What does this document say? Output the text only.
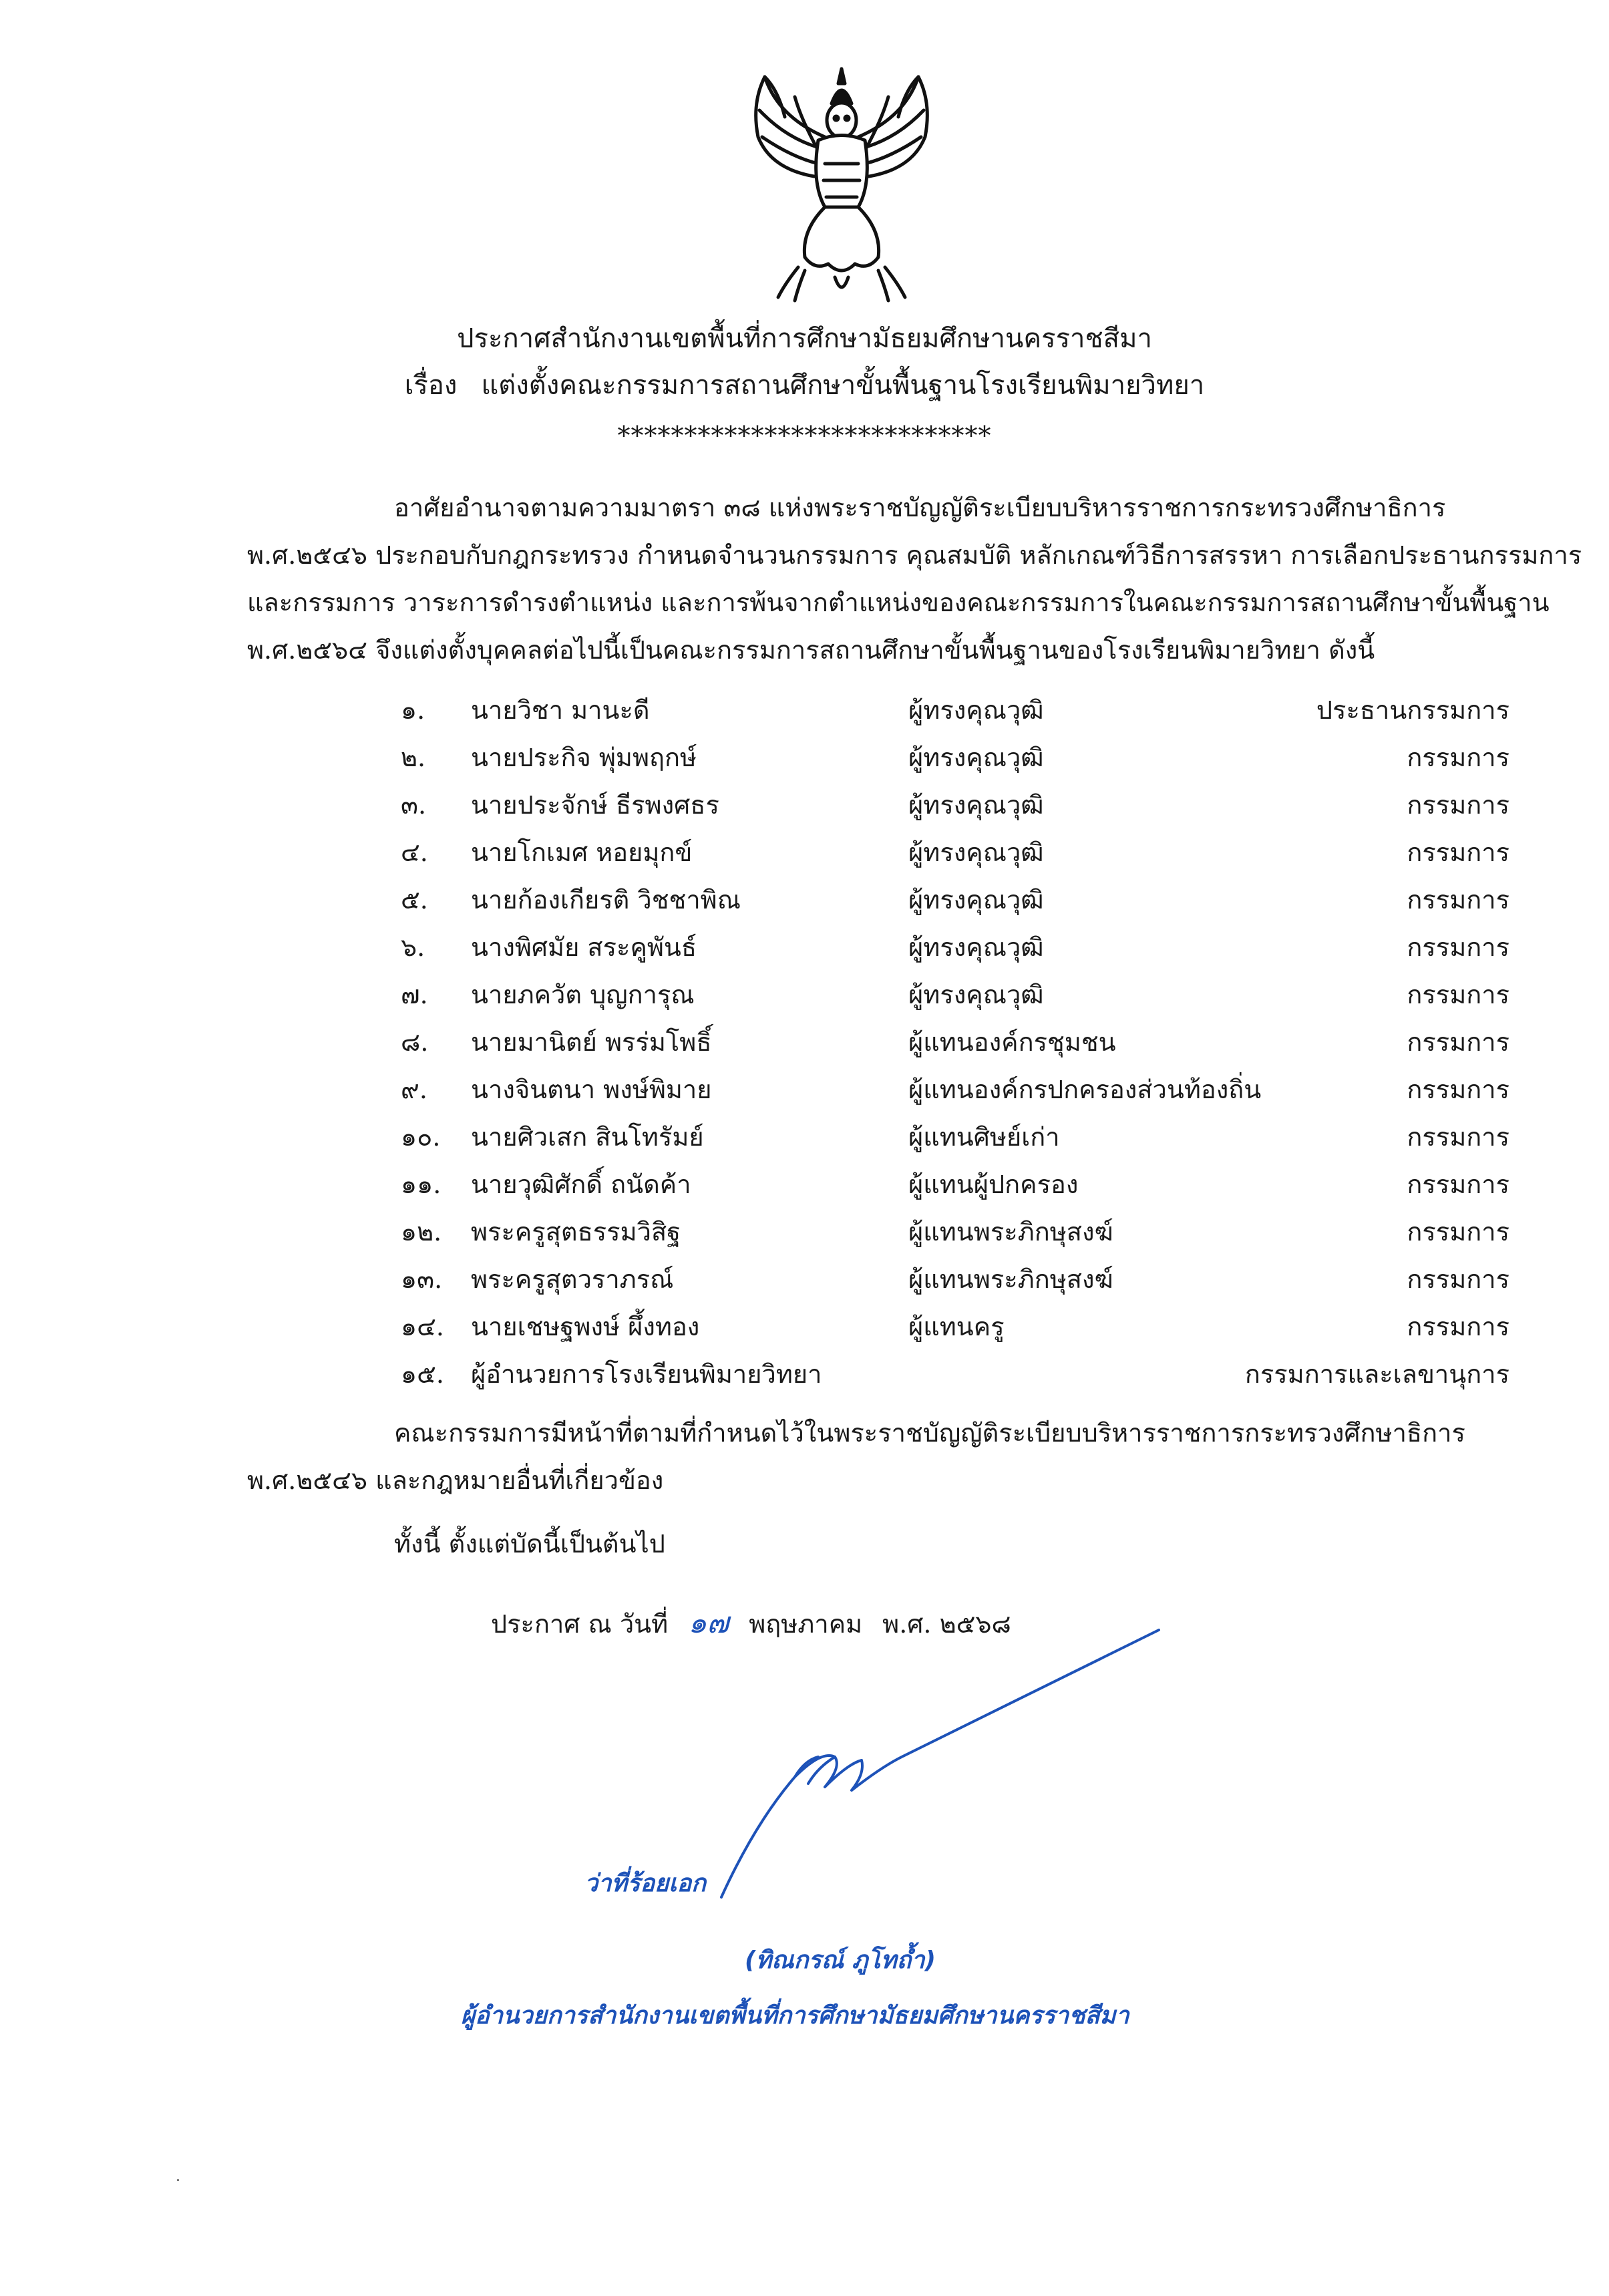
ประกาศสำนักงานเขตพื้นที่การศึกษามัธยมศึกษานครราชสีมา
เรื่อง แต่งตั้งคณะกรรมการสถานศึกษาขั้นพื้นฐานโรงเรียนพิมายวิทยา
****************************

อาศัยอำนาจตามความมาตรา ๓๘ แห่งพระราชบัญญัติระเบียบบริหารราชการกระทรวงศึกษาธิการ

พ.ศ.๒๕๔๖ ประกอบกับกฎกระทรวง กำหนดจำนวนกรรมการ คุณสมบัติ หลักเกณฑ์วิธีการสรรหา การเลือกประธานกรรมการ

และกรรมการ วาระการดำรงตำแหน่ง และการพ้นจากตำแหน่งของคณะกรรมการในคณะกรรมการสถานศึกษาขั้นพื้นฐาน

พ.ศ.๒๕๖๔ จึงแต่งตั้งบุคคลต่อไปนี้เป็นคณะกรรมการสถานศึกษาขั้นพื้นฐานของโรงเรียนพิมายวิทยา ดังนี้

๑. นายวิชา มานะดี	ผู้ทรงคุณวุฒิ	ประธานกรรมการ
๒. นายประกิจ พุ่มพฤกษ์	ผู้ทรงคุณวุฒิ	กรรมการ
๓. นายประจักษ์ ธีรพงศธร	ผู้ทรงคุณวุฒิ	กรรมการ
๔. นายโกเมศ หอยมุกข์	ผู้ทรงคุณวุฒิ	กรรมการ
๕. นายก้องเกียรติ วิชชาพิณ	ผู้ทรงคุณวุฒิ	กรรมการ
๖. นางพิศมัย สระคูพันธ์	ผู้ทรงคุณวุฒิ	กรรมการ
๗. นายภควัต บุญการุณ	ผู้ทรงคุณวุฒิ	กรรมการ
๘. นายมานิตย์ พรร่มโพธิ์	ผู้แทนองค์กรชุมชน	กรรมการ
๙. นางจินตนา พงษ์พิมาย	ผู้แทนองค์กรปกครองส่วนท้องถิ่น	กรรมการ
๑๐. นายศิวเสก สินโทรัมย์	ผู้แทนศิษย์เก่า	กรรมการ
๑๑. นายวุฒิศักดิ์ ถนัดค้า	ผู้แทนผู้ปกครอง	กรรมการ
๑๒. พระครูสุตธรรมวิสิฐ	ผู้แทนพระภิกษุสงฆ์	กรรมการ
๑๓. พระครูสุตวราภรณ์	ผู้แทนพระภิกษุสงฆ์	กรรมการ
๑๔. นายเชษฐพงษ์ ผึ้งทอง	ผู้แทนครู	กรรมการ
๑๕. ผู้อำนวยการโรงเรียนพิมายวิทยา	กรรมการและเลขานุการ

คณะกรรมการมีหน้าที่ตามที่กำหนดไว้ในพระราชบัญญัติระเบียบบริหารราชการกระทรวงศึกษาธิการ

พ.ศ.๒๕๔๖ และกฎหมายอื่นที่เกี่ยวข้อง

ทั้งนี้ ตั้งแต่บัดนี้เป็นต้นไป
ประกาศ ณ วันที่ ๑๗ พฤษภาคม พ.ศ. ๒๕๖๘
ว่าที่ร้อยเอก
(ทิณกรณ์ ภูโทถ้ำ)
ผู้อำนวยการสำนักงานเขตพื้นที่การศึกษามัธยมศึกษานครราชสีมา
